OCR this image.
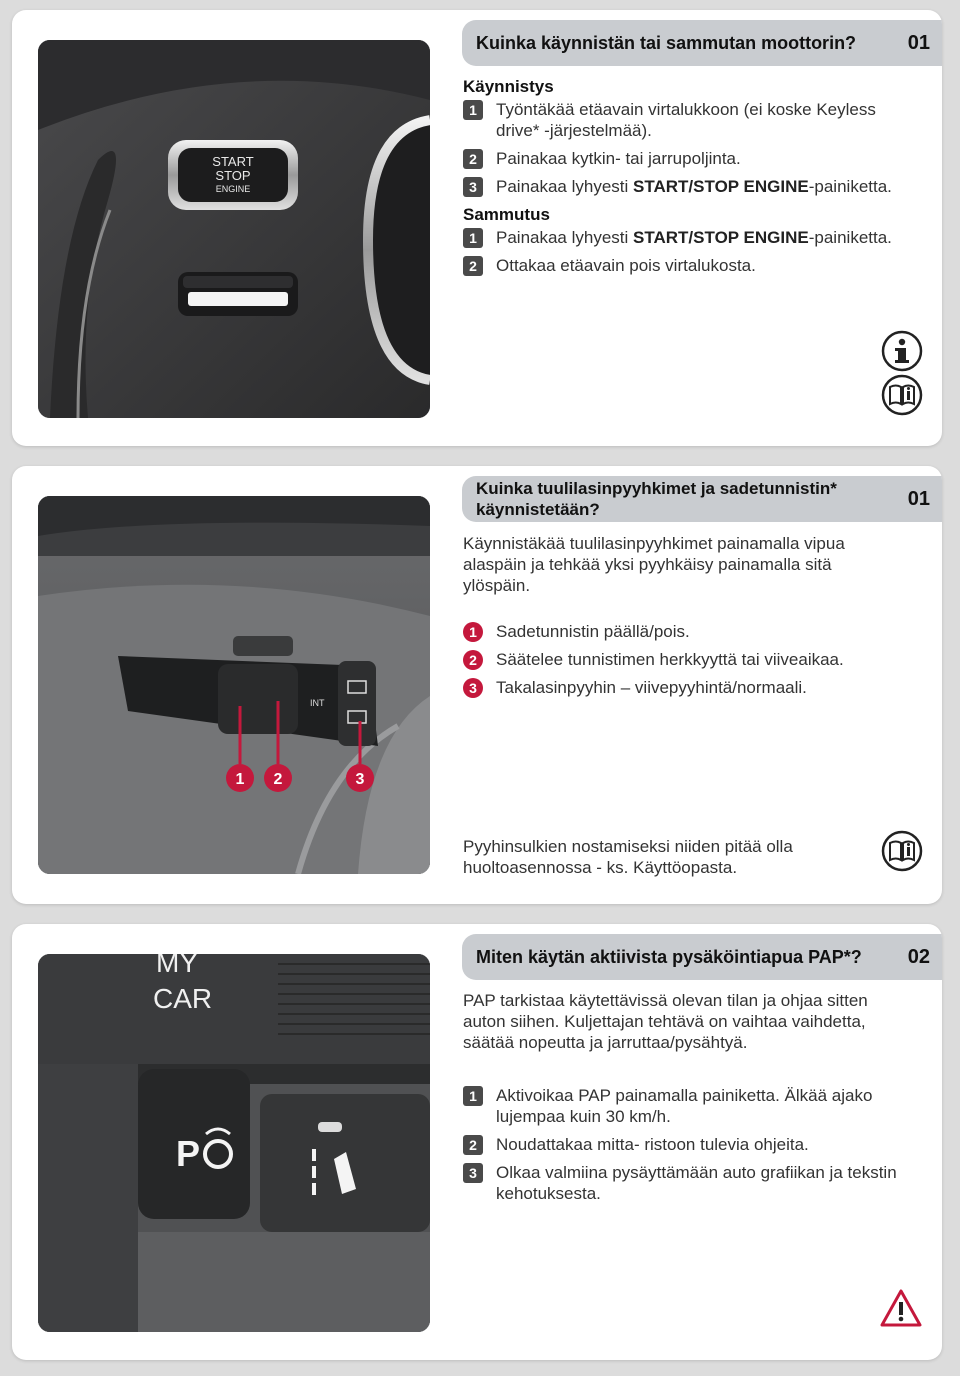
START
STOP
ENGINE
Kuinka käynnistän tai sammutan moottorin?	01
Käynnistys
1	Työntäkää etäavain virtalukkoon (ei koske Keyless drive* -järjestelmää).
2	Painakaa kytkin- tai jarrupoljinta.
3	Painakaa lyhyesti START/STOP ENGINE-painiketta.
Sammutus
1	Painakaa lyhyesti START/STOP ENGINE-painiketta.
2	Ottakaa etäavain pois virtalukosta.
INT
1 2	3
Kuinka tuulilasinpyyhkimet ja sadetunnistin* käynnistetään?	01
Käynnistäkää tuulilasinpyyhkimet painamalla vipua alaspäin ja tehkää yksi pyyhkäisy painamalla sitä ylöspäin.
1	Sadetunnistin päällä/pois.
2	Säätelee tunnistimen herkkyyttä tai viiveaikaa.
3	Takalasinpyyhin – viivepyyhintä/normaali.
Pyyhinsulkien nostamiseksi niiden pitää olla huoltoasennossa - ks. Käyttöopasta.
MY
CAR
P
Miten käytän aktiivista pysäköintiapua PAP*?	02
PAP tarkistaa käytettävissä olevan tilan ja ohjaa sitten auton siihen. Kuljettajan tehtävä on vaihtaa vaihdetta, säätää nopeutta ja jarruttaa/pysähtyä.
1	Aktivoikaa PAP painamalla painiketta. Älkää ajako lujempaa kuin 30 km/h.
2	Noudattakaa mitta- ristoon tulevia ohjeita.
3	Olkaa valmiina pysäyttämään auto grafiikan ja tekstin kehotuksesta.
